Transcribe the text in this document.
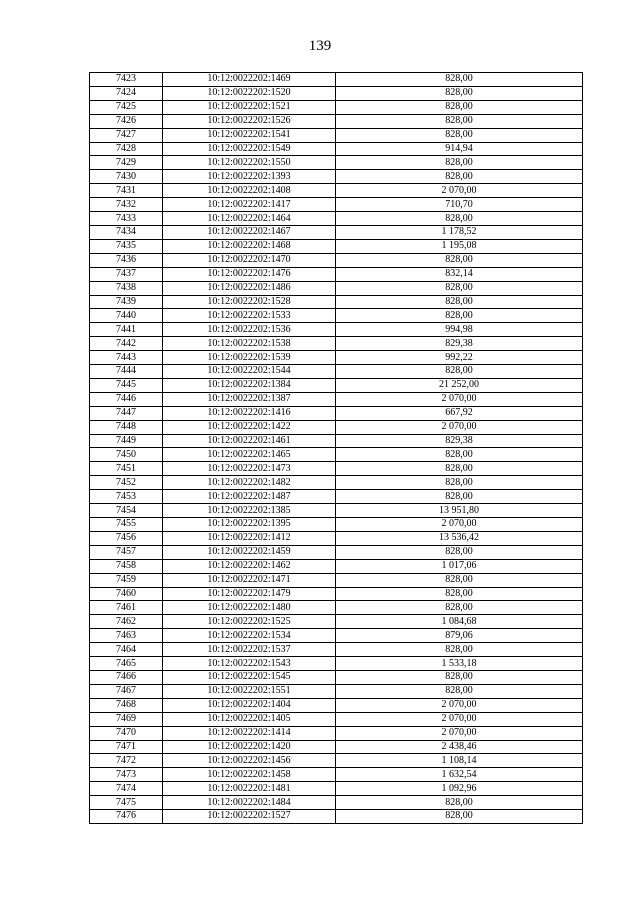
139
7423	10:12:0022202:1469	828,00
7424	10:12:0022202:1520	828,00
7425	10:12:0022202:1521	828,00
7426	10:12:0022202:1526	828,00
7427	10:12:0022202:1541	828,00
7428	10:12:0022202:1549	914,94
7429	10:12:0022202:1550	828,00
7430	10:12:0022202:1393	828,00
7431	10:12:0022202:1408	2 070,00
7432	10:12:0022202:1417	710,70
7433	10:12:0022202:1464	828,00
7434	10:12:0022202:1467	1 178,52
7435	10:12:0022202:1468	1 195,08
7436	10:12:0022202:1470	828,00
7437	10:12:0022202:1476	832,14
7438	10:12:0022202:1486	828,00
7439	10:12:0022202:1528	828,00
7440	10:12:0022202:1533	828,00
7441	10:12:0022202:1536	994,98
7442	10:12:0022202:1538	829,38
7443	10:12:0022202:1539	992,22
7444	10:12:0022202:1544	828,00
7445	10:12:0022202:1384	21 252,00
7446	10:12:0022202:1387	2 070,00
7447	10:12:0022202:1416	667,92
7448	10:12:0022202:1422	2 070,00
7449	10:12:0022202:1461	829,38
7450	10:12:0022202:1465	828,00
7451	10:12:0022202:1473	828,00
7452	10:12:0022202:1482	828,00
7453	10:12:0022202:1487	828,00
7454	10:12:0022202:1385	13 951,80
7455	10:12:0022202:1395	2 070,00
7456	10:12:0022202:1412	13 536,42
7457	10:12:0022202:1459	828,00
7458	10:12:0022202:1462	1 017,06
7459	10:12:0022202:1471	828,00
7460	10:12:0022202:1479	828,00
7461	10:12:0022202:1480	828,00
7462	10:12:0022202:1525	1 084,68
7463	10:12:0022202:1534	879,06
7464	10:12:0022202:1537	828,00
7465	10:12:0022202:1543	1 533,18
7466	10:12:0022202:1545	828,00
7467	10:12:0022202:1551	828,00
7468	10:12:0022202:1404	2 070,00
7469	10:12:0022202:1405	2 070,00
7470	10:12:0022202:1414	2 070,00
7471	10:12:0022202:1420	2 438,46
7472	10:12:0022202:1456	1 108,14
7473	10:12:0022202:1458	1 632,54
7474	10:12:0022202:1481	1 092,96
7475	10:12:0022202:1484	828,00
7476	10:12:0022202:1527	828,00
